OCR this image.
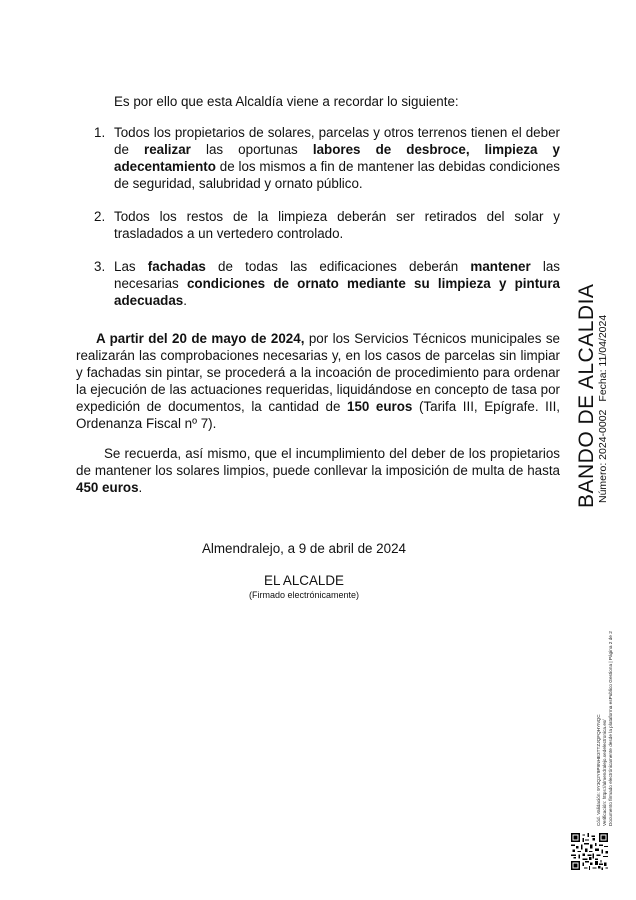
Es por ello que esta Alcaldía viene a recordar lo siguiente:
1. Todos los propietarios de solares, parcelas y otros terrenos tienen el deber de realizar las oportunas labores de desbroce, limpieza y adecentamiento de los mismos a fin de mantener las debidas condiciones de seguridad, salubridad y ornato público.
2. Todos los restos de la limpieza deberán ser retirados del solar y trasladados a un vertedero controlado.
3. Las fachadas de todas las edificaciones deberán mantener las necesarias condiciones de ornato mediante su limpieza y pintura adecuadas.
A partir del 20 de mayo de 2024, por los Servicios Técnicos municipales se realizarán las comprobaciones necesarias y, en los casos de parcelas sin limpiar y fachadas sin pintar, se procederá a la incoación de procedimiento para ordenar la ejecución de las actuaciones requeridas, liquidándose en concepto de tasa por expedición de documentos, la cantidad de 150 euros (Tarifa III, Epígrafe. III, Ordenanza Fiscal nº 7).
Se recuerda, así mismo, que el incumplimiento del deber de los propietarios de mantener los solares limpios, puede conllevar la imposición de multa de hasta 450 euros.
Almendralejo, a 9 de abril de 2024
EL ALCALDE
(Firmado electrónicamente)
BANDO DE ALCALDIA Número: 2024-0002Fecha: 11/04/2024
Cód. Validación: 9Y3Q2Y9P9NHE3TTZJQFQHYNQC Verificación: https://almendralejo.sedelectronica.es/ Documento firmado electrónicamente desde la plataforma esPublico Gestiona | Página 2 de 2
